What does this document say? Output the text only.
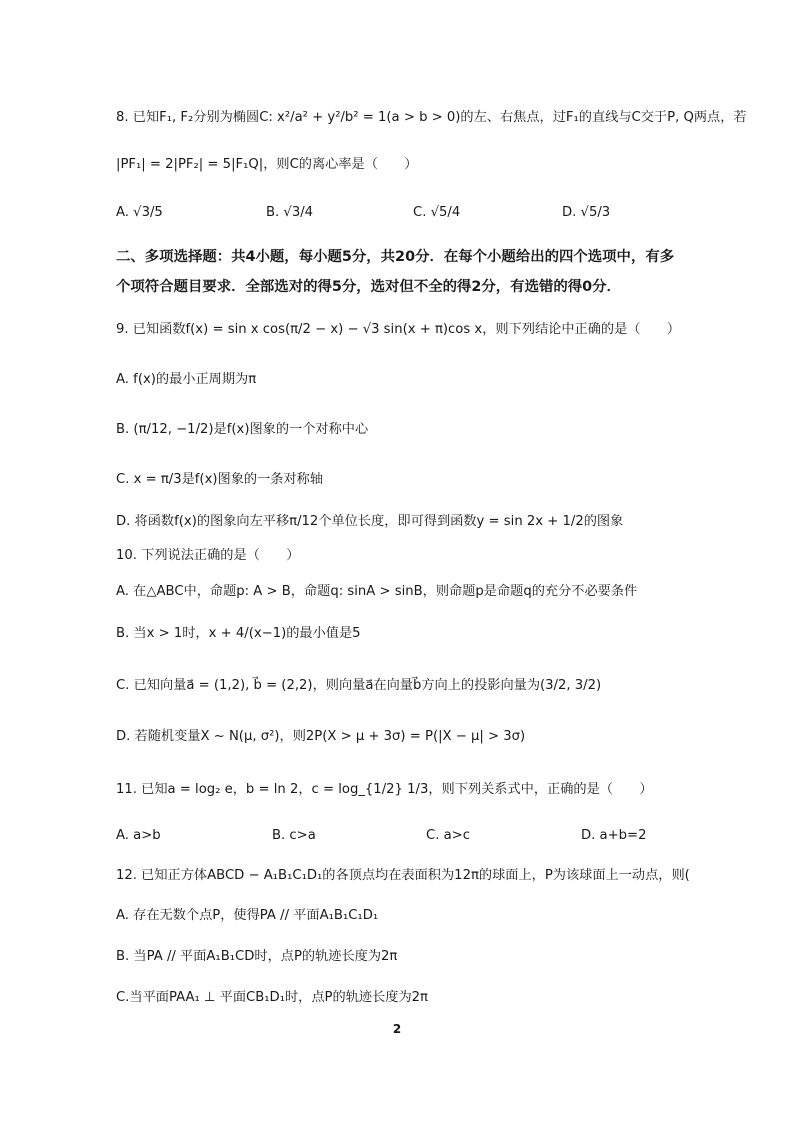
8. 已知F₁, F₂分别为椭圆C: x²/a² + y²/b² = 1(a > b > 0)的左、右焦点，过F₁的直线与C交于P, Q两点，若
|PF₁| = 2|PF₂| = 5|F₁Q|，则C的离心率是（　　）
A. √3/5	B. √3/4	C. √5/4	D. √5/3
二、多项选择题：共4小题，每小题5分，共20分．在每个小题给出的四个选项中，有多
个项符合题目要求．全部选对的得5分，选对但不全的得2分，有选错的得0分．
9. 已知函数f(x) = sin x cos(π/2 − x) − √3 sin(x + π)cos x，则下列结论中正确的是（　　）
A. f(x)的最小正周期为π
B. (π/12, −1/2)是f(x)图象的一个对称中心
C. x = π/3是f(x)图象的一条对称轴
D. 将函数f(x)的图象向左平移π/12个单位长度，即可得到函数y = sin 2x + 1/2的图象
10. 下列说法正确的是（　　）
A. 在△ABC中，命题p: A > B，命题q: sinA > sinB，则命题p是命题q的充分不必要条件
B. 当x > 1时，x + 4/(x−1)的最小值是5
C. 已知向量a⃗ = (1,2), b⃗ = (2,2)，则向量a⃗在向量b⃗方向上的投影向量为(3/2, 3/2)
D. 若随机变量X ~ N(μ, σ²)，则2P(X > μ + 3σ) = P(|X − μ| > 3σ)
11. 已知a = log₂ e，b = ln 2，c = log_{1/2} 1/3，则下列关系式中，正确的是（　　）
A. a>b	B. c>a	C. a>c	D. a+b=2
12. 已知正方体ABCD − A₁B₁C₁D₁的各顶点均在表面积为12π的球面上，P为该球面上一动点，则(
A. 存在无数个点P，使得PA // 平面A₁B₁C₁D₁
B. 当PA // 平面A₁B₁CD时，点P的轨迹长度为2π
C.当平面PAA₁ ⊥ 平面CB₁D₁时，点P的轨迹长度为2π
2
